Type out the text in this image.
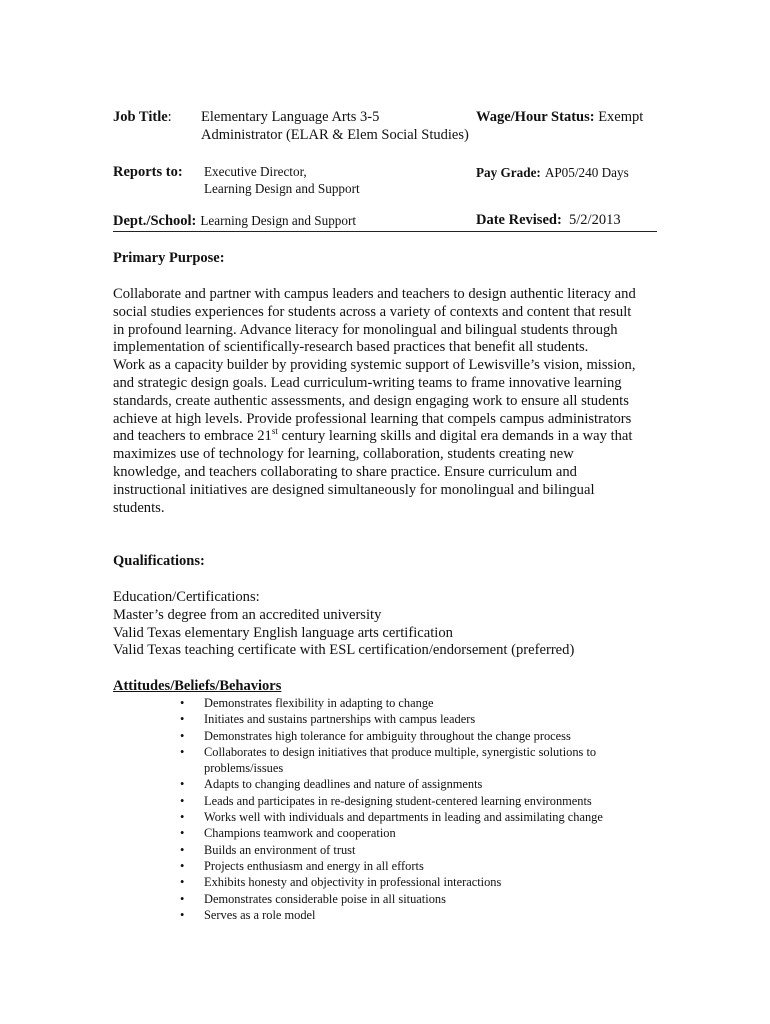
Job Title: Elementary Language Arts 3-5
Administrator (ELAR & Elem Social Studies)
Wage/Hour Status: Exempt
Reports to: Executive Director,
Learning Design and Support
Pay Grade: AP05/240 Days
Dept./School: Learning Design and Support	Date Revised: 5/2/2013
Primary Purpose:
Collaborate and partner with campus leaders and teachers to design authentic literacy and
social studies experiences for students across a variety of contexts and content that result
in profound learning. Advance literacy for monolingual and bilingual students through
implementation of scientifically-research based practices that benefit all students.
Work as a capacity builder by providing systemic support of Lewisville’s vision, mission,
and strategic design goals. Lead curriculum-writing teams to frame innovative learning
standards, create authentic assessments, and design engaging work to ensure all students
achieve at high levels. Provide professional learning that compels campus administrators
and teachers to embrace 21st century learning skills and digital era demands in a way that
maximizes use of technology for learning, collaboration, students creating new
knowledge, and teachers collaborating to share practice. Ensure curriculum and
instructional initiatives are designed simultaneously for monolingual and bilingual
students.
Qualifications:
Education/Certifications:
Master’s degree from an accredited university
Valid Texas elementary English language arts certification
Valid Texas teaching certificate with ESL certification/endorsement (preferred)
Attitudes/Beliefs/Behaviors
• Demonstrates flexibility in adapting to change
• Initiates and sustains partnerships with campus leaders
• Demonstrates high tolerance for ambiguity throughout the change process
• Collaborates to design initiatives that produce multiple, synergistic solutions to
problems/issues
• Adapts to changing deadlines and nature of assignments
• Leads and participates in re-designing student-centered learning environments
• Works well with individuals and departments in leading and assimilating change
• Champions teamwork and cooperation
• Builds an environment of trust
• Projects enthusiasm and energy in all efforts
• Exhibits honesty and objectivity in professional interactions
• Demonstrates considerable poise in all situations
• Serves as a role model
